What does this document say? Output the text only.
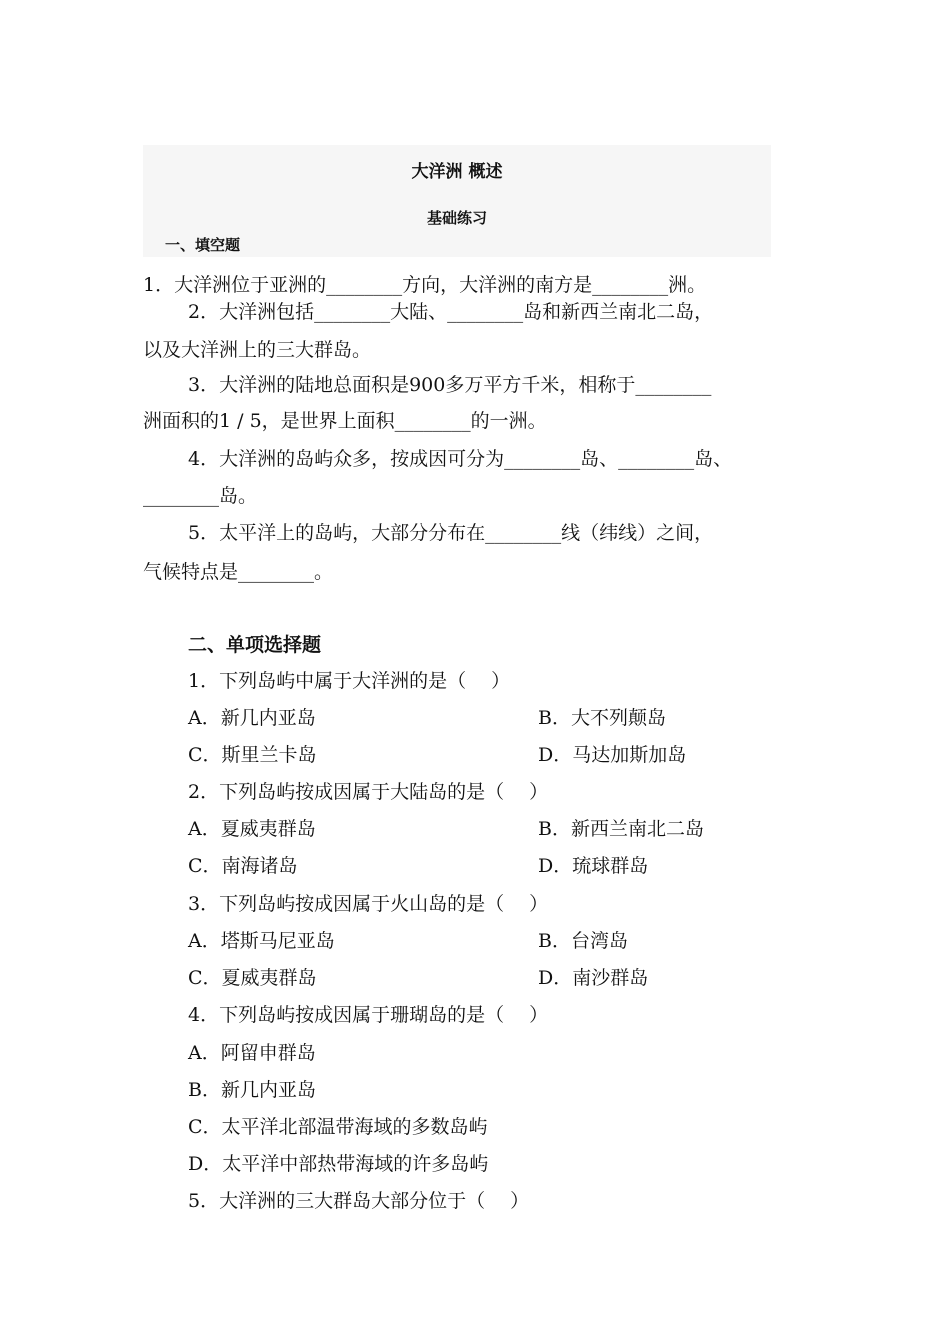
大洋洲 概述
基础练习
一、填空题
1．大洋洲位于亚洲的________方向，大洋洲的南方是________洲。
2．大洋洲包括________大陆、________岛和新西兰南北二岛，
以及大洋洲上的三大群岛。
3．大洋洲的陆地总面积是900多万平方千米，相称于________
洲面积的1 / 5，是世界上面积________的一洲。
4．大洋洲的岛屿众多，按成因可分为________岛、________岛、
________岛。
5．太平洋上的岛屿，大部分分布在________线（纬线）之间，
气候特点是________。
二、单项选择题
1．下列岛屿中属于大洋洲的是（　 ）
A．新几内亚岛	B．大不列颠岛
C．斯里兰卡岛	D．马达加斯加岛
2．下列岛屿按成因属于大陆岛的是（　 ）
A．夏威夷群岛	B．新西兰南北二岛
C．南海诸岛	D．琉球群岛
3．下列岛屿按成因属于火山岛的是（　 ）
A．塔斯马尼亚岛	B．台湾岛
C．夏威夷群岛	D．南沙群岛
4．下列岛屿按成因属于珊瑚岛的是（　 ）
A．阿留申群岛
B．新几内亚岛
C．太平洋北部温带海域的多数岛屿
D．太平洋中部热带海域的许多岛屿
5．大洋洲的三大群岛大部分位于（　 ）
